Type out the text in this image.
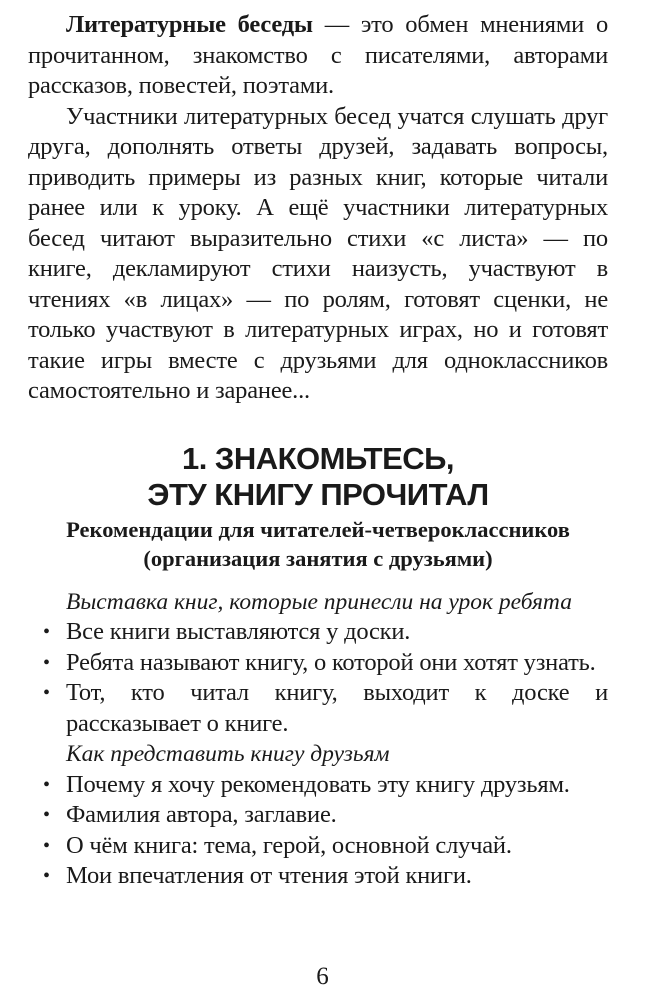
Литературные беседы — это обмен мнениями о прочитанном, знакомство с писателями, авторами рассказов, повестей, поэтами.

Участники литературных бесед учатся слушать друг друга, дополнять ответы друзей, задавать вопросы, приводить примеры из разных книг, которые читали ранее или к уроку. А ещё участники литературных бесед читают выразительно стихи «с листа» — по книге, декламируют стихи наизусть, участвуют в чтениях «в лицах» — по ролям, готовят сценки, не только участвуют в литературных играх, но и готовят такие игры вместе с друзьями для одноклассников самостоятельно и заранее...

1. ЗНАКОМЬТЕСЬ,
ЭТУ КНИГУ ПРОЧИТАЛ
Рекомендации для читателей-четвероклассников
(организация занятия с друзьями)
Выставка книг, которые принесли на урок ребята
• Все книги выставляются у доски.
• Ребята называют книгу, о которой они хотят узнать.
• Тот, кто читал книгу, выходит к доске и рассказывает о книге.
Как представить книгу друзьям
• Почему я хочу рекомендовать эту книгу друзьям.
• Фамилия автора, заглавие.
• О чём книга: тема, герой, основной случай.
• Мои впечатления от чтения этой книги.
6
